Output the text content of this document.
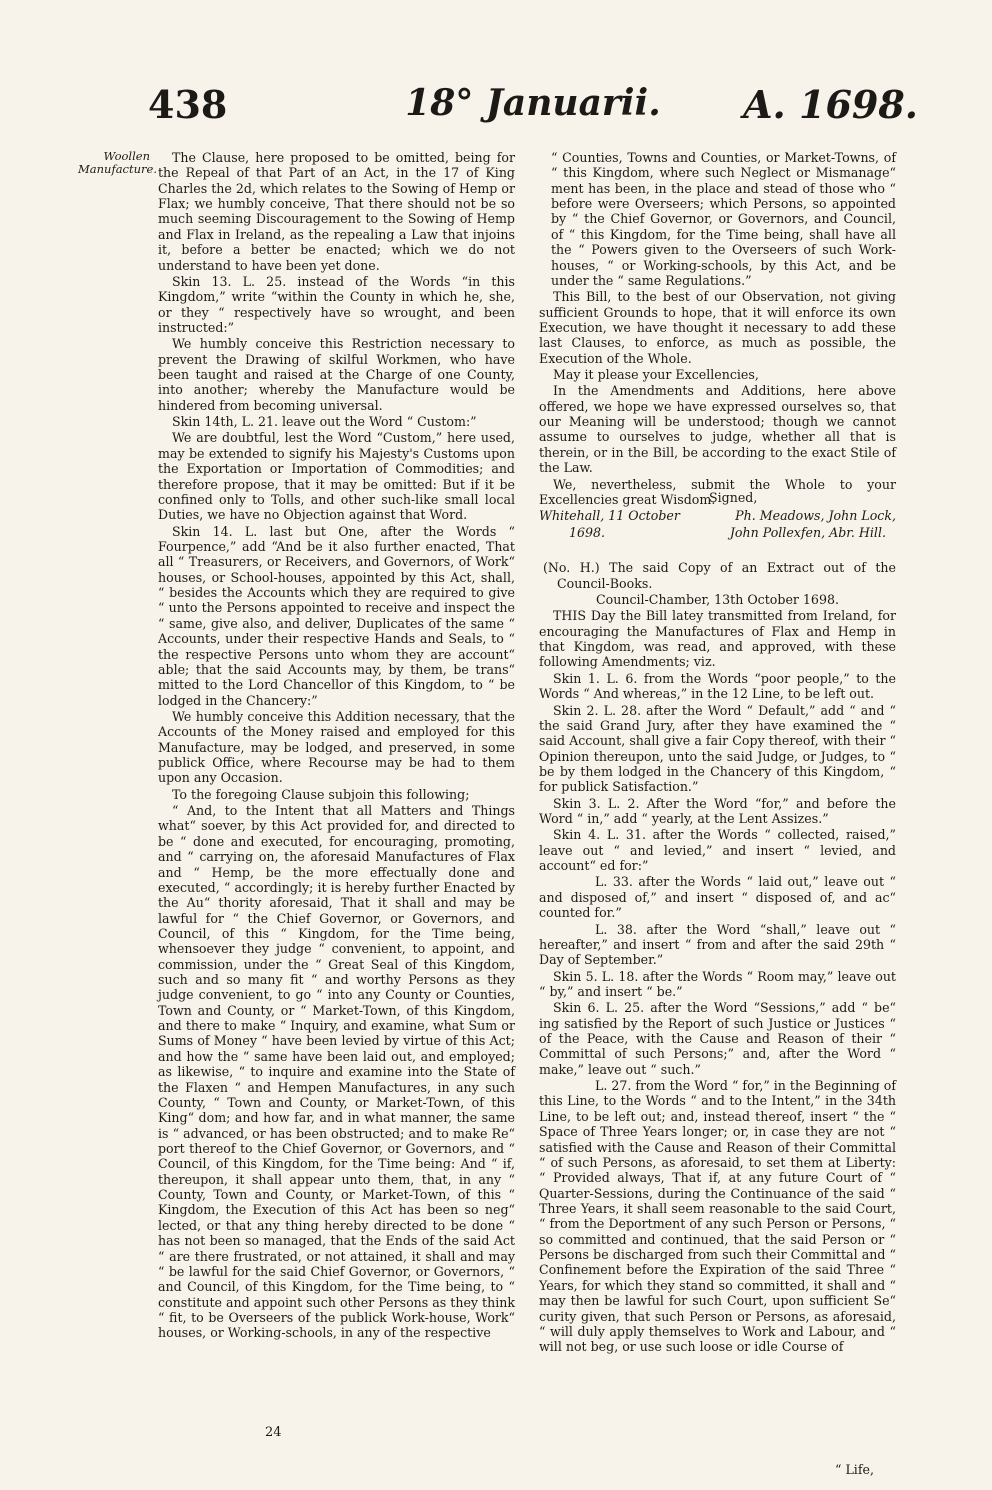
438	18° Januarii.	A. 1698.
Woollen Manufacture.

The Clause, here proposed to be omitted, being for the Repeal of that Part of an Act, in the 17 of King Charles the 2d, which relates to the Sowing of Hemp or Flax; we humbly conceive, That there should not be so much seeming Discouragement to the Sowing of Hemp and Flax in Ireland, as the repealing a Law that injoins it, before a better be enacted; which we do not understand to have been yet done.

Skin 13. L. 25. instead of the Words “in this Kingdom,” write “within the County in which he, she, or they “ respectively have so wrought, and been instructed:”

We humbly conceive this Restriction necessary to prevent the Drawing of skilful Workmen, who have been taught and raised at the Charge of one County, into another; whereby the Manufacture would be hindered from becoming universal.

Skin 14th, L. 21. leave out the Word “ Custom:”

We are doubtful, lest the Word “Custom,” here used, may be extended to signify his Majesty's Customs upon the Exportation or Importation of Commodities; and therefore propose, that it may be omitted: But if it be confined only to Tolls, and other such-like small local Duties, we have no Objection against that Word.

Skin 14. L. last but One, after the Words “ Fourpence,” add “And be it also further enacted, That all “ Treasurers, or Receivers, and Governors, of Work“ houses, or School-houses, appointed by this Act, shall, “ besides the Accounts which they are required to give “ unto the Persons appointed to receive and inspect the “ same, give also, and deliver, Duplicates of the same “ Accounts, under their respective Hands and Seals, to “ the respective Persons unto whom they are account“ able; that the said Accounts may, by them, be trans“ mitted to the Lord Chancellor of this Kingdom, to “ be lodged in the Chancery:”

We humbly conceive this Addition necessary, that the Accounts of the Money raised and employed for this Manufacture, may be lodged, and preserved, in some publick Office, where Recourse may be had to them upon any Occasion.

To the foregoing Clause subjoin this following;

“ And, to the Intent that all Matters and Things what“ soever, by this Act provided for, and directed to be “ done and executed, for encouraging, promoting, and “ carrying on, the aforesaid Manufactures of Flax and “ Hemp, be the more effectually done and executed, “ accordingly; it is hereby further Enacted by the Au“ thority aforesaid, That it shall and may be lawful for “ the Chief Governor, or Governors, and Council, of this “ Kingdom, for the Time being, whensoever they judge “ convenient, to appoint, and commission, under the “ Great Seal of this Kingdom, such and so many fit “ and worthy Persons as they judge convenient, to go “ into any County or Counties, Town and County, or “ Market-Town, of this Kingdom, and there to make “ Inquiry, and examine, what Sum or Sums of Money “ have been levied by virtue of this Act; and how the “ same have been laid out, and employed; as likewise, “ to inquire and examine into the State of the Flaxen “ and Hempen Manufactures, in any such County, “ Town and County, or Market-Town, of this King“ dom; and how far, and in what manner, the same is “ advanced, or has been obstructed; and to make Re“ port thereof to the Chief Governor, or Governors, and “ Council, of this Kingdom, for the Time being: And “ if, thereupon, it shall appear unto them, that, in any “ County, Town and County, or Market-Town, of this “ Kingdom, the Execution of this Act has been so neg“ lected, or that any thing hereby directed to be done “ has not been so managed, that the Ends of the said Act “ are there frustrated, or not attained, it shall and may “ be lawful for the said Chief Governor, or Governors, “ and Council, of this Kingdom, for the Time being, to “ constitute and appoint such other Persons as they think “ fit, to be Overseers of the publick Work-house, Work“ houses, or Working-schools, in any of the respective

“ Counties, Towns and Counties, or Market-Towns, of “ this Kingdom, where such Neglect or Mismanage“ ment has been, in the place and stead of those who “ before were Overseers; which Persons, so appointed by “ the Chief Governor, or Governors, and Council, of “ this Kingdom, for the Time being, shall have all the “ Powers given to the Overseers of such Work-houses, “ or Working-schools, by this Act, and be under the “ same Regulations.”

This Bill, to the best of our Observation, not giving sufficient Grounds to hope, that it will enforce its own Execution, we have thought it necessary to add these last Clauses, to enforce, as much as possible, the Execution of the Whole.

May it please your Excellencies,

In the Amendments and Additions, here above offered, we hope we have expressed ourselves so, that our Meaning will be understood; though we cannot assume to ourselves to judge, whether all that is therein, or in the Bill, be according to the exact Stile of the Law.

We, nevertheless, submit the Whole to your Excellencies great Wisdom.

Signed,
Whitehall, 11 October
1698.
Ph. Meadows, John Lock,
John Pollexfen, Abr. Hill.

(No. H.) The said Copy of an Extract out of the Council-Books.

Council-Chamber, 13th October 1698.

THIS Day the Bill latey transmitted from Ireland, for encouraging the Manufactures of Flax and Hemp in that Kingdom, was read, and approved, with these following Amendments; viz.

Skin 1. L. 6. from the Words “poor people,” to the Words “ And whereas,” in the 12 Line, to be left out.

Skin 2. L. 28. after the Word “ Default,” add “ and “ the said Grand Jury, after they have examined the “ said Account, shall give a fair Copy thereof, with their “ Opinion thereupon, unto the said Judge, or Judges, to “ be by them lodged in the Chancery of this Kingdom, “ for publick Satisfaction.”

Skin 3. L. 2. After the Word “for,” and before the Word “ in,” add “ yearly, at the Lent Assizes.”

Skin 4. L. 31. after the Words “ collected, raised,” leave out “ and levied,” and insert “ levied, and account“ ed for:”

L. 33. after the Words “ laid out,” leave out “ and disposed of,” and insert “ disposed of, and ac“ counted for.”

L. 38. after the Word “shall,” leave out “ hereafter,” and insert “ from and after the said 29th “ Day of September.”

Skin 5. L. 18. after the Words “ Room may,” leave out “ by,” and insert “ be.”

Skin 6. L. 25. after the Word “Sessions,” add “ be“ ing satisfied by the Report of such Justice or Justices “ of the Peace, with the Cause and Reason of their “ Committal of such Persons;” and, after the Word “ make,” leave out “ such.”

L. 27. from the Word “ for,” in the Beginning of this Line, to the Words “ and to the Intent,” in the 34th Line, to be left out; and, instead thereof, insert “ the “ Space of Three Years longer; or, in case they are not “ satisfied with the Cause and Reason of their Committal “ of such Persons, as aforesaid, to set them at Liberty: “ Provided always, That if, at any future Court of “ Quarter-Sessions, during the Continuance of the said “ Three Years, it shall seem reasonable to the said Court, “ from the Deportment of any such Person or Persons, “ so committed and continued, that the said Person or “ Persons be discharged from such their Committal and “ Confinement before the Expiration of the said Three “ Years, for which they stand so committed, it shall and “ may then be lawful for such Court, upon sufficient Se“ curity given, that such Person or Persons, as aforesaid, “ will duly apply themselves to Work and Labour, and “ will not beg, or use such loose or idle Course of

24
“ Life,
